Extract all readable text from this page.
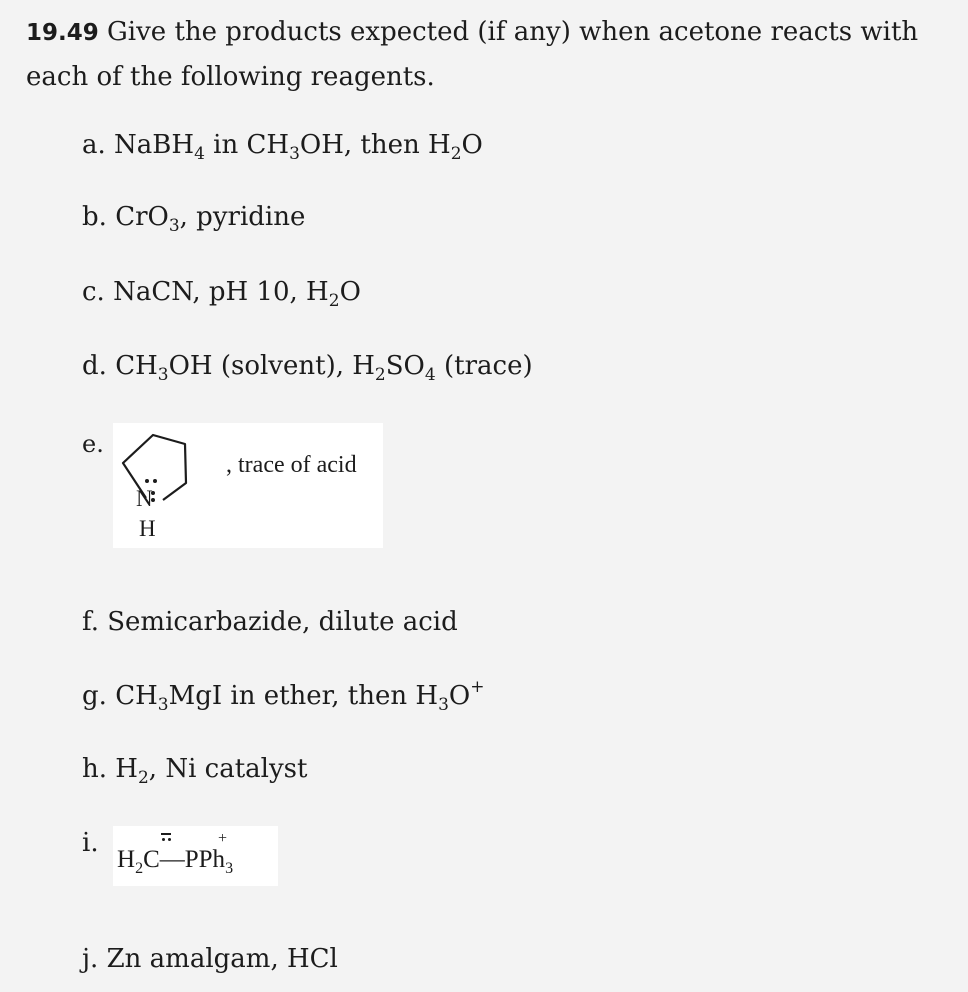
19.49 Give the products expected (if any) when acetone reacts with each of the following reagents.
a. NaBH$_4$ in $CH_3OH$, then $H_2O$
b. CrO$_3$, pyridine
c. NaCN, pH 10, $H_2O$
d. $CH_3OH$ (solvent), $H_2SO_4$ (trace)
e.
N
H
, trace of acid
f. Semicarbazide, dilute acid
g. $CH_3MgI$ in ether, then $H_3O^+$
h. $H_2$, Ni catalyst
i.
$H_2C—PPh_3$
+
j. Zn amalgam, HCl
